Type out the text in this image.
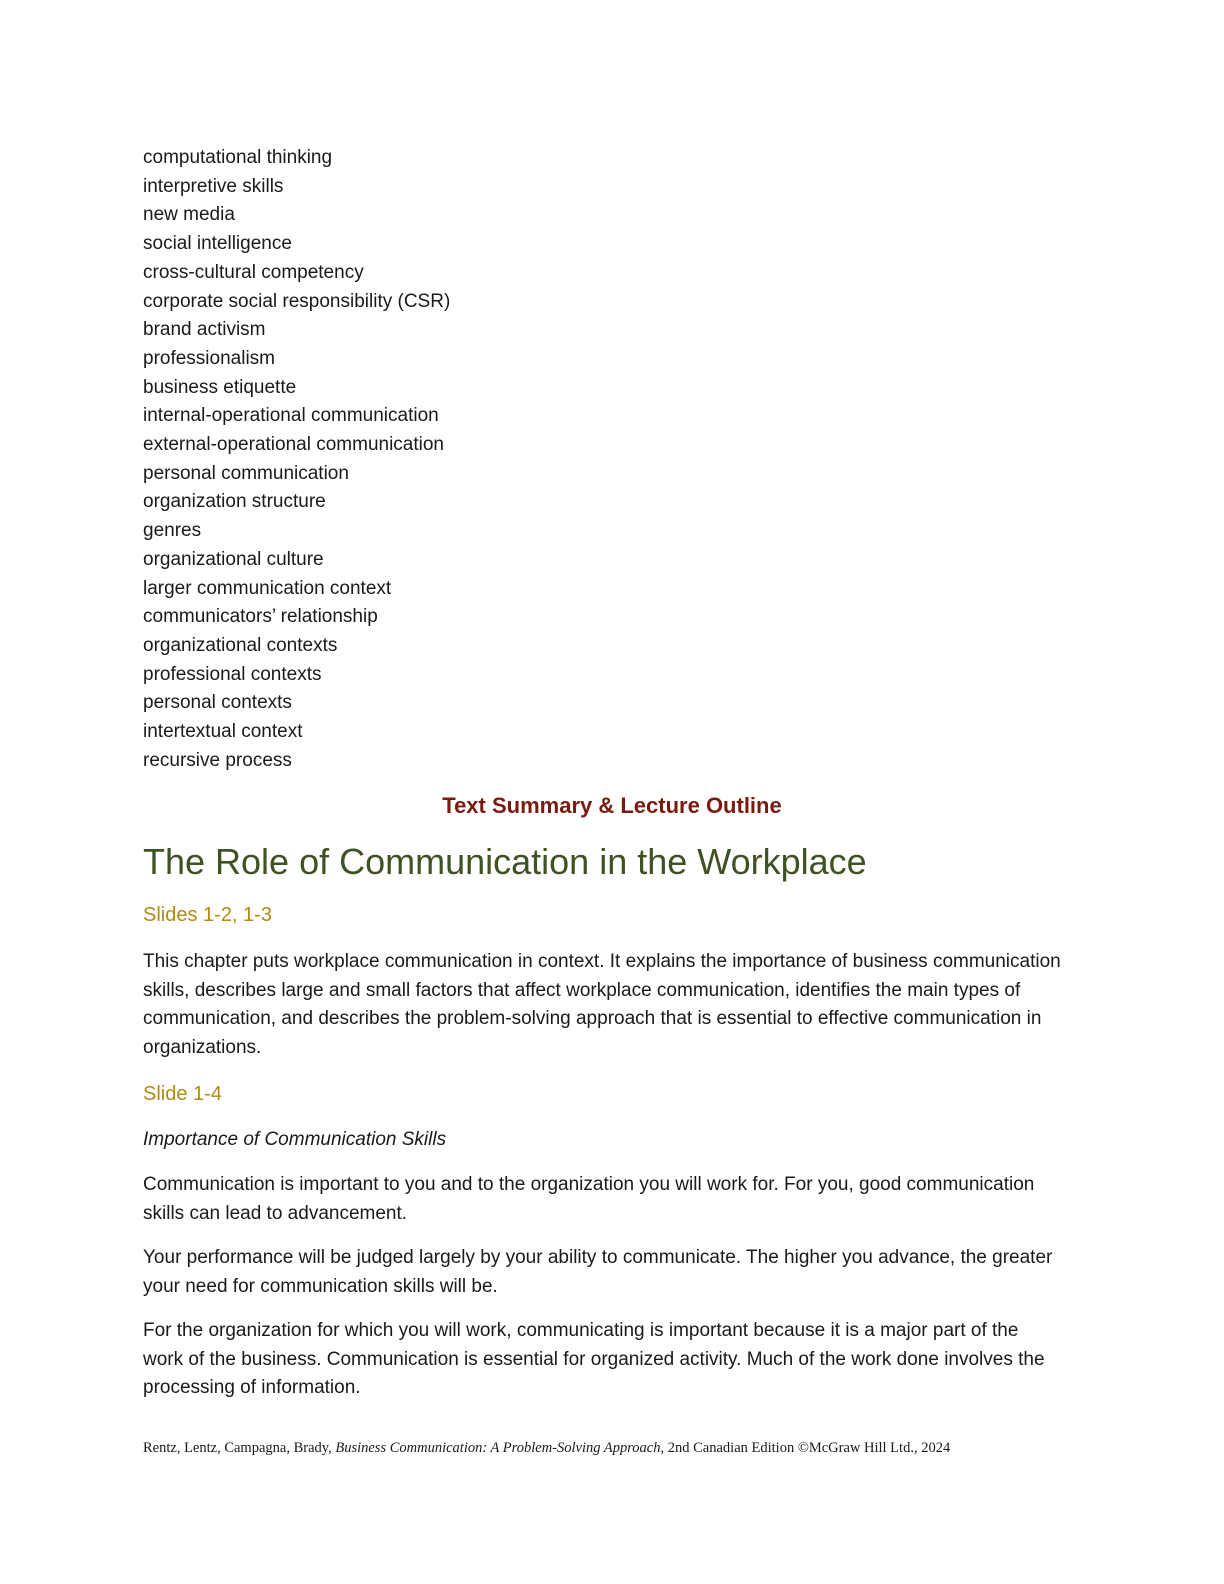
computational thinking
interpretive skills
new media
social intelligence
cross-cultural competency
corporate social responsibility (CSR)
brand activism
professionalism
business etiquette
internal-operational communication
external-operational communication
personal communication
organization structure
genres
organizational culture
larger communication context
communicators’ relationship
organizational contexts
professional contexts
personal contexts
intertextual context
recursive process
Text Summary & Lecture Outline
The Role of Communication in the Workplace
Slides 1-2, 1-3

This chapter puts workplace communication in context. It explains the importance of business communication skills, describes large and small factors that affect workplace communication, identifies the main types of communication, and describes the problem-solving approach that is essential to effective communication in organizations.

Slide 1-4

Importance of Communication Skills

Communication is important to you and to the organization you will work for. For you, good communication skills can lead to advancement.

Your performance will be judged largely by your ability to communicate. The higher you advance, the greater your need for communication skills will be.

For the organization for which you will work, communicating is important because it is a major part of the work of the business. Communication is essential for organized activity. Much of the work done involves the processing of information.

Rentz, Lentz, Campagna, Brady, Business Communication: A Problem-Solving Approach, 2nd Canadian Edition ©McGraw Hill Ltd., 2024
